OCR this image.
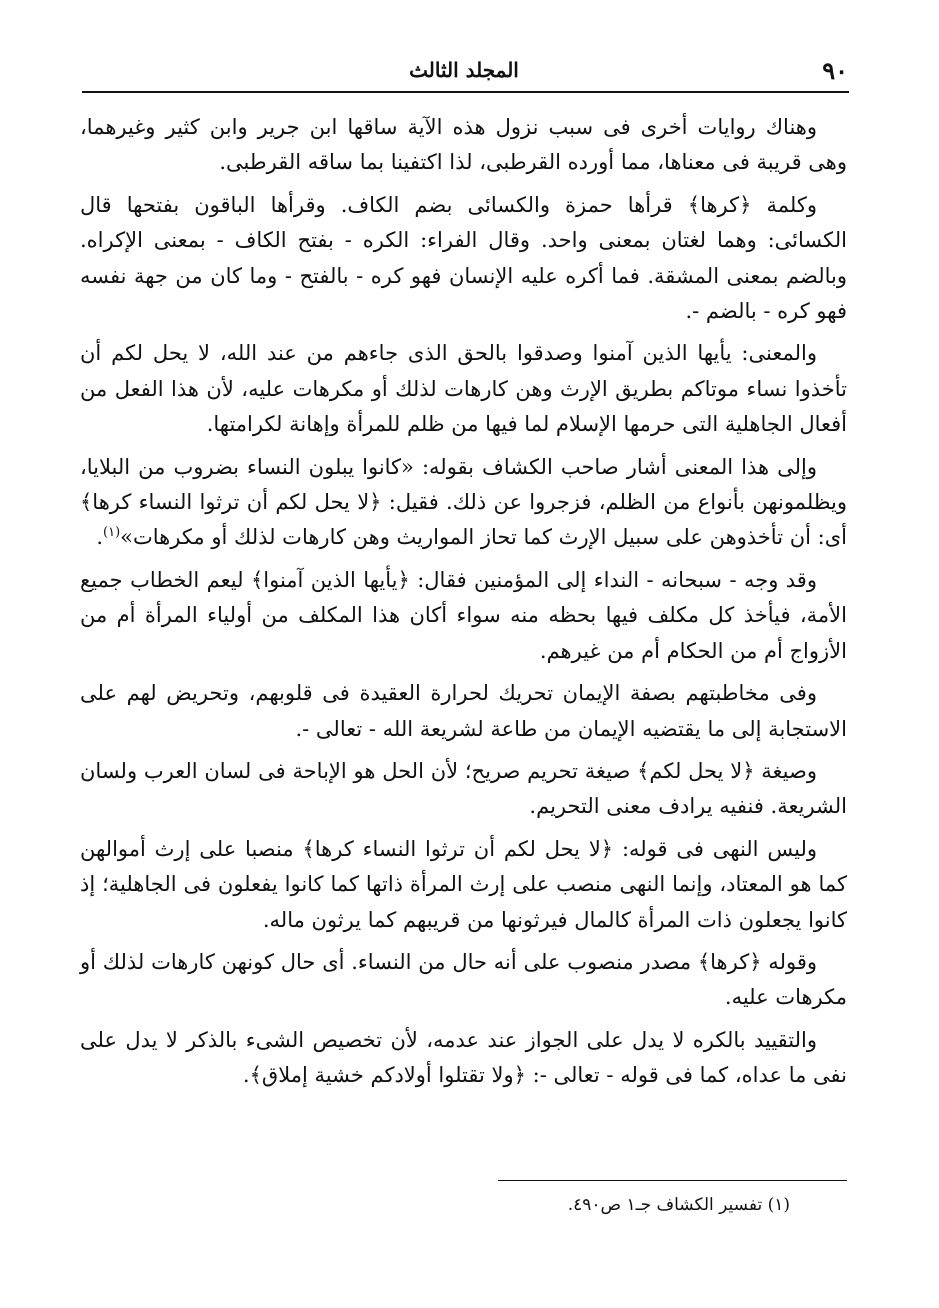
٩٠
المجلد الثالث

وهناك روايات أخرى فى سبب نزول هذه الآية ساقها ابن جرير وابن كثير وغيرهما، وهى قريبة فى معناها، مما أورده القرطبى، لذا اكتفينا بما ساقه القرطبى.

وكلمة ﴿كرها﴾ قرأها حمزة والكسائى بضم الكاف. وقرأها الباقون بفتحها قال الكسائى: وهما لغتان بمعنى واحد. وقال الفراء: الكره - بفتح الكاف - بمعنى الإكراه. وبالضم بمعنى المشقة. فما أكره عليه الإنسان فهو كره - بالفتح - وما كان من جهة نفسه فهو كره - بالضم -.

والمعنى: يأيها الذين آمنوا وصدقوا بالحق الذى جاءهم من عند الله، لا يحل لكم أن تأخذوا نساء موتاكم بطريق الإرث وهن كارهات لذلك أو مكرهات عليه، لأن هذا الفعل من أفعال الجاهلية التى حرمها الإسلام لما فيها من ظلم للمرأة وإهانة لكرامتها.

وإلى هذا المعنى أشار صاحب الكشاف بقوله: «كانوا يبلون النساء بضروب من البلايا، ويظلمونهن بأنواع من الظلم، فزجروا عن ذلك. فقيل: ﴿لا يحل لكم أن ترثوا النساء كرها﴾ أى: أن تأخذوهن على سبيل الإرث كما تحاز المواريث وهن كارهات لذلك أو مكرهات»$^{(١)}$.

وقد وجه - سبحانه - النداء إلى المؤمنين فقال: ﴿يأيها الذين آمنوا﴾ ليعم الخطاب جميع الأمة، فيأخذ كل مكلف فيها بحظه منه سواء أكان هذا المكلف من أولياء المرأة أم من الأزواج أم من الحكام أم من غيرهم.

وفى مخاطبتهم بصفة الإيمان تحريك لحرارة العقيدة فى قلوبهم، وتحريض لهم على الاستجابة إلى ما يقتضيه الإيمان من طاعة لشريعة الله - تعالى -.

وصيغة ﴿لا يحل لكم﴾ صيغة تحريم صريح؛ لأن الحل هو الإباحة فى لسان العرب ولسان الشريعة. فنفيه يرادف معنى التحريم.

وليس النهى فى قوله: ﴿لا يحل لكم أن ترثوا النساء كرها﴾ منصبا على إرث أموالهن كما هو المعتاد، وإنما النهى منصب على إرث المرأة ذاتها كما كانوا يفعلون فى الجاهلية؛ إذ كانوا يجعلون ذات المرأة كالمال فيرثونها من قريبهم كما يرثون ماله.

وقوله ﴿كرها﴾ مصدر منصوب على أنه حال من النساء. أى حال كونهن كارهات لذلك أو مكرهات عليه.

والتقييد بالكره لا يدل على الجواز عند عدمه، لأن تخصيص الشىء بالذكر لا يدل على نفى ما عداه، كما فى قوله - تعالى -: ﴿ولا تقتلوا أولادكم خشية إملاق﴾.

(١) تفسير الكشاف جـ١ ص٤٩٠.
